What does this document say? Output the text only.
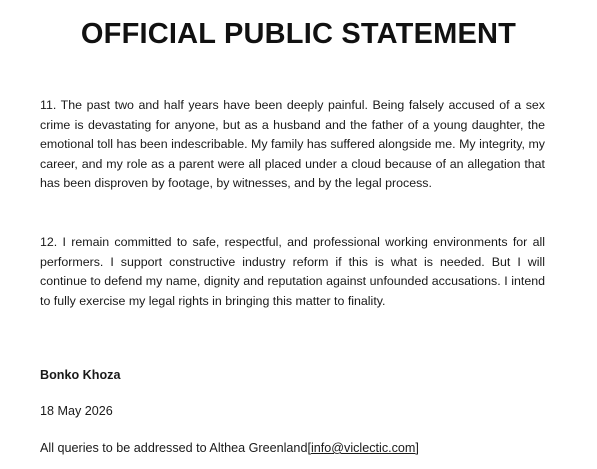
OFFICIAL PUBLIC STATEMENT

11. The past two and half years have been deeply painful. Being falsely accused of a sex crime is devastating for anyone, but as a husband and the father of a young daughter, the emotional toll has been indescribable. My family has suffered alongside me. My integrity, my career, and my role as a parent were all placed under a cloud because of an allegation that has been disproven by footage, by witnesses, and by the legal process.

12. I remain committed to safe, respectful, and professional working environments for all performers. I support constructive industry reform if this is what is needed. But I will continue to defend my name, dignity and reputation against unfounded accusations. I intend to fully exercise my legal rights in bringing this matter to finality.

Bonko Khoza

18 May 2026

All queries to be addressed to Althea Greenland[info@viclectic.com]
